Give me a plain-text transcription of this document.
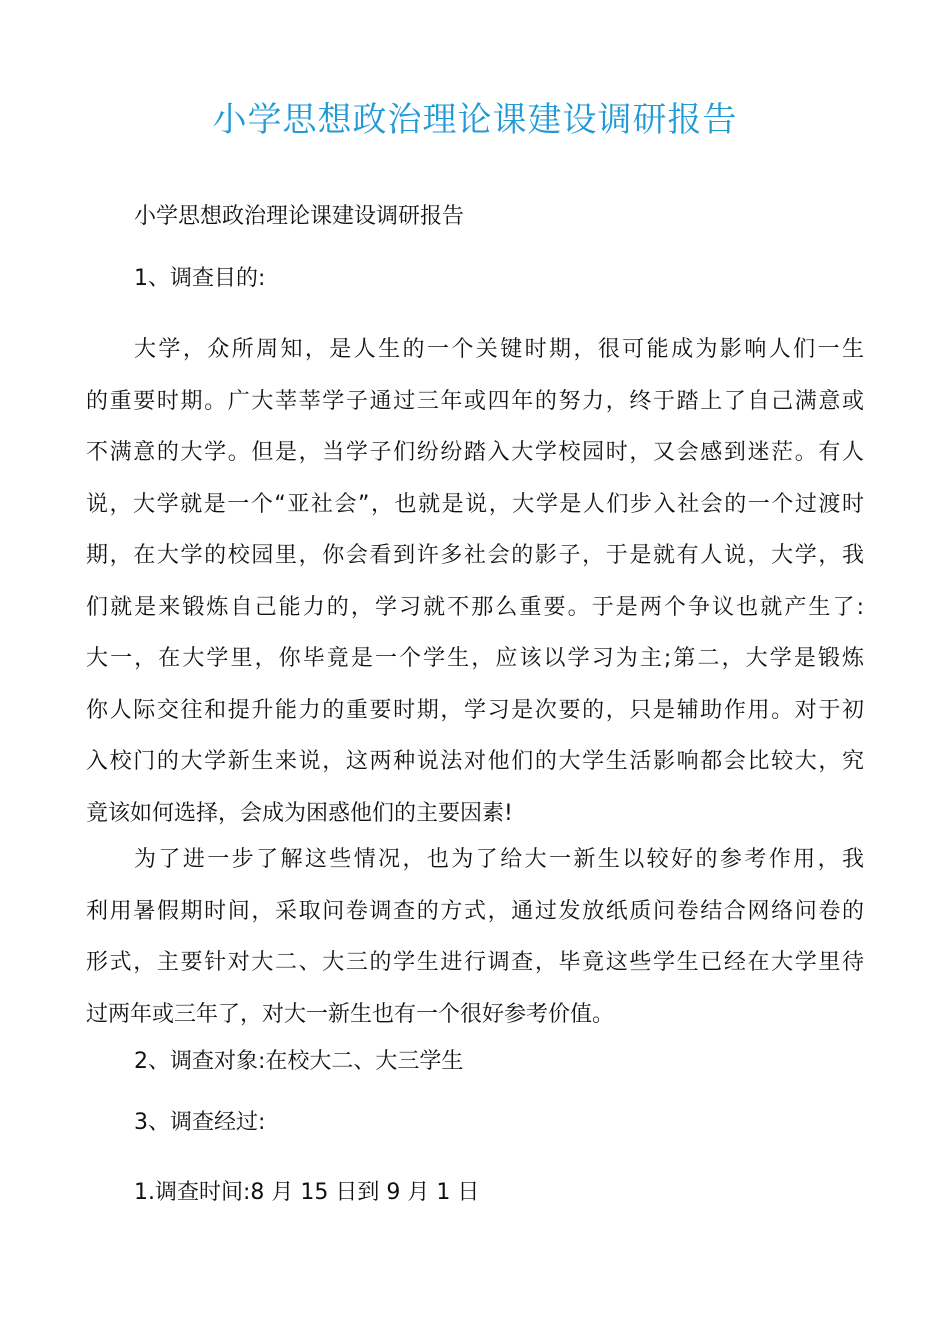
小学思想政治理论课建设调研报告

小学思想政治理论课建设调研报告

1、调查目的:

大学，众所周知，是人生的一个关键时期，很可能成为影响人们一生
的重要时期。广大莘莘学子通过三年或四年的努力，终于踏上了自己满意或
不满意的大学。但是，当学子们纷纷踏入大学校园时，又会感到迷茫。有人
说，大学就是一个“亚社会”，也就是说，大学是人们步入社会的一个过渡时
期，在大学的校园里，你会看到许多社会的影子，于是就有人说，大学，我
们就是来锻炼自己能力的，学习就不那么重要。于是两个争议也就产生了:
大一，在大学里，你毕竟是一个学生，应该以学习为主;第二，大学是锻炼
你人际交往和提升能力的重要时期，学习是次要的，只是辅助作用。对于初
入校门的大学新生来说，这两种说法对他们的大学生活影响都会比较大，究
竟该如何选择，会成为困惑他们的主要因素!
为了进一步了解这些情况，也为了给大一新生以较好的参考作用，我
利用暑假期时间，采取问卷调查的方式，通过发放纸质问卷结合网络问卷的
形式，主要针对大二、大三的学生进行调查，毕竟这些学生已经在大学里待
过两年或三年了，对大一新生也有一个很好参考价值。

2、调查对象:在校大二、大三学生

3、调查经过:

1.调查时间:8 月 15 日到 9 月 1 日
